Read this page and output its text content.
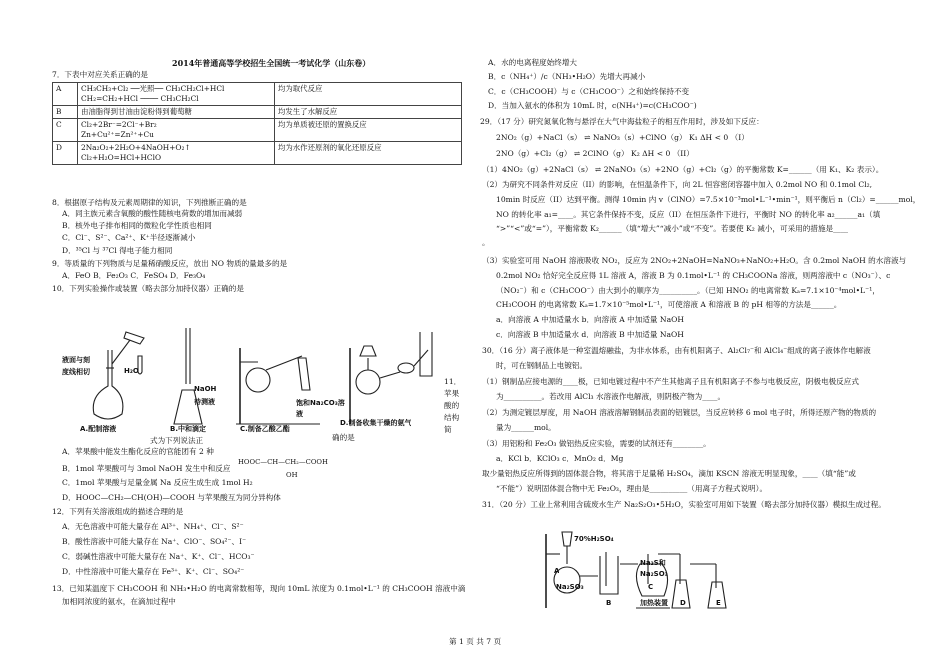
2014年普通高等学校招生全国统一考试化学（山东卷）
7．下表中对应关系正确的是
A	CH₃CH₃+Cl₂ ──光照── CH₃CH₂Cl+HCl
CH₂=CH₂+HCl ──── CH₃CH₂Cl	均为取代反应
B	由油脂得到甘油由淀粉得到葡萄糖	均发生了水解反应
C	Cl₂+2Br⁻=2Cl⁻+Br₂
Zn+Cu²⁺=Zn²⁺+Cu	均为单质被还原的置换反应
D	2Na₂O₂+2H₂O+4NaOH+O₂↑
Cl₂+H₂O=HCl+HClO	均为水作还原剂的氧化还原反应
8．根据原子结构及元素周期律的知识，下列推断正确的是
A．同主族元素含氧酸的酸性随核电荷数的增加而减弱
B．核外电子排布相同的微粒化学性质也相同
C．Cl⁻、S²⁻、Ca²⁺、K⁺半径逐渐减小
D．³⁵Cl 与 ³⁷Cl 得电子能力相同
9．等质量的下列物质与足量稀硝酸反应，放出 NO 物质的量最多的是
A．FeO B．Fe₂O₃ C．FeSO₄ D．Fe₃O₄
10．下列实验操作或装置（略去部分加持仪器）正确的是
液面与刻度线相切	H₂O
A.配制溶液
NaOH
待测液
B.中和滴定
饱和Na₂CO₃溶液
C.制备乙酸乙酯
D.制备收集干燥的氨气
11．苹果酸的结构简
式为下列说法正	确的是
HOOC—CH—CH₂—COOH
OH
A．苹果酸中能发生酯化反应的官能团有 2 种
B．1mol 苹果酸可与 3mol NaOH 发生中和反应
C．1mol 苹果酸与足量金属 Na 反应生成生成 1mol H₂
D．HOOC—CH₂—CH(OH)—COOH 与苹果酸互为同分异构体
12．下列有关溶液组成的描述合理的是
A．无色溶液中可能大量存在 Al³⁺、NH₄⁺、Cl⁻、S²⁻
B．酸性溶液中可能大量存在 Na⁺、ClO⁻、SO₄²⁻、I⁻
C．弱碱性溶液中可能大量存在 Na⁺、K⁺、Cl⁻、HCO₃⁻
D．中性溶液中可能大量存在 Fe³⁺、K⁺、Cl⁻、SO₄²⁻
13．已知某温度下 CH₃COOH 和 NH₃•H₂O 的电离常数相等，现向 10mL 浓度为 0.1mol•L⁻¹ 的 CH₃COOH 溶液中滴
加相同浓度的氨水，在滴加过程中
A．水的电离程度始终增大
B．c（NH₄⁺）/c（NH₃•H₂O）先增大再减小
C．c（CH₃COOH）与 c（CH₃COO⁻）之和始终保持不变
D．当加入氨水的体积为 10mL 时，c(NH₄⁺)=c(CH₃COO⁻)
29．（17 分）研究氮氧化物与悬浮在大气中海盐粒子的相互作用时，涉及如下反应：
2NO₂（g）+NaCl（s） ⇌ NaNO₃（s）+ClNO（g） K₁ ΔH < 0 （I）
2NO（g）+Cl₂（g） ⇌ 2ClNO（g） K₂ ΔH < 0 （II）
（1）4NO₂（g）+2NaCl（s） ⇌ 2NaNO₃（s）+2NO（g）+Cl₂（g）的平衡常数 K=______（用 K₁、K₂ 表示）。
（2）为研究不同条件对反应（II）的影响，在恒温条件下，向 2L 恒容密闭容器中加入 0.2mol NO 和 0.1mol Cl₂,
10min 时反应（II）达到平衡。测得 10min 内 v（ClNO）=7.5×10⁻³mol•L⁻¹•min⁻¹，则平衡后 n（Cl₂）=______mol，
NO 的转化率 a₁=____。其它条件保持不变，反应（II）在恒压条件下进行，平衡时 NO 的转化率 a₂______a₁（填
“>”“<”或“=”），平衡常数 K₂______（填“增大”“减小”或“不变”。若要使 K₂ 减小，可采用的措施是____
。
（3）实验室可用 NaOH 溶液吸收 NO₂，反应为 2NO₂+2NaOH=NaNO₃+NaNO₂+H₂O。含 0.2mol NaOH 的水溶液与
0.2mol NO₂ 恰好完全反应得 1L 溶液 A，溶液 B 为 0.1mol•L⁻¹ 的 CH₃COONa 溶液，则两溶液中 c（NO₃⁻）、c
（NO₂⁻）和 c（CH₃COO⁻）由大到小的顺序为__________。（已知 HNO₂ 的电离常数 Kₐ=7.1×10⁻⁴mol•L⁻¹，
CH₃COOH 的电离常数 Kₐ=1.7×10⁻⁵mol•L⁻¹，可使溶液 A 和溶液 B 的 pH 相等的方法是______。
a．向溶液 A 中加适量水 b．向溶液 A 中加适量 NaOH
c．向溶液 B 中加适量水 d．向溶液 B 中加适量 NaOH
30．（16 分）离子液体是一种室温熔融盐，为非水体系，由有机阳离子、Al₂Cl₇⁻和 AlCl₄⁻组成的离子液体作电解液
时，可在钢制品上电镀铝。
（1）钢制品应接电源的____极，已知电镀过程中不产生其他离子且有机阳离子不参与电极反应，阴极电极反应式
为__________。若改用 AlCl₃ 水溶液作电解液，则阴极产物为____。
（2）为测定镀层厚度，用 NaOH 溶液溶解钢制品表面的铝镀层，当反应转移 6 mol 电子时，所得还原产物的物质的
量为______mol。
（3）用铝粉和 Fe₂O₃ 做铝热反应实验，需要的试剂还有________。
a．KCl b．KClO₃ c．MnO₂ d．Mg
取少量铝热反应所得到的固体混合物，将其溶于足量稀 H₂SO₄，滴加 KSCN 溶液无明显现象，____（填“能”或
“不能”）说明固体混合物中无 Fe₂O₃，理由是__________（用离子方程式说明）。
31．（20 分）工业上常利用含硫废水生产 Na₂S₂O₃•5H₂O，实验室可用如下装置（略去部分加持仪器）模拟生成过程。
70%H₂SO₄
A
Na₂SO₃
B
Na₂S和
Na₂SO₃
C
加热装置 D	E
第 1 页 共 7 页
